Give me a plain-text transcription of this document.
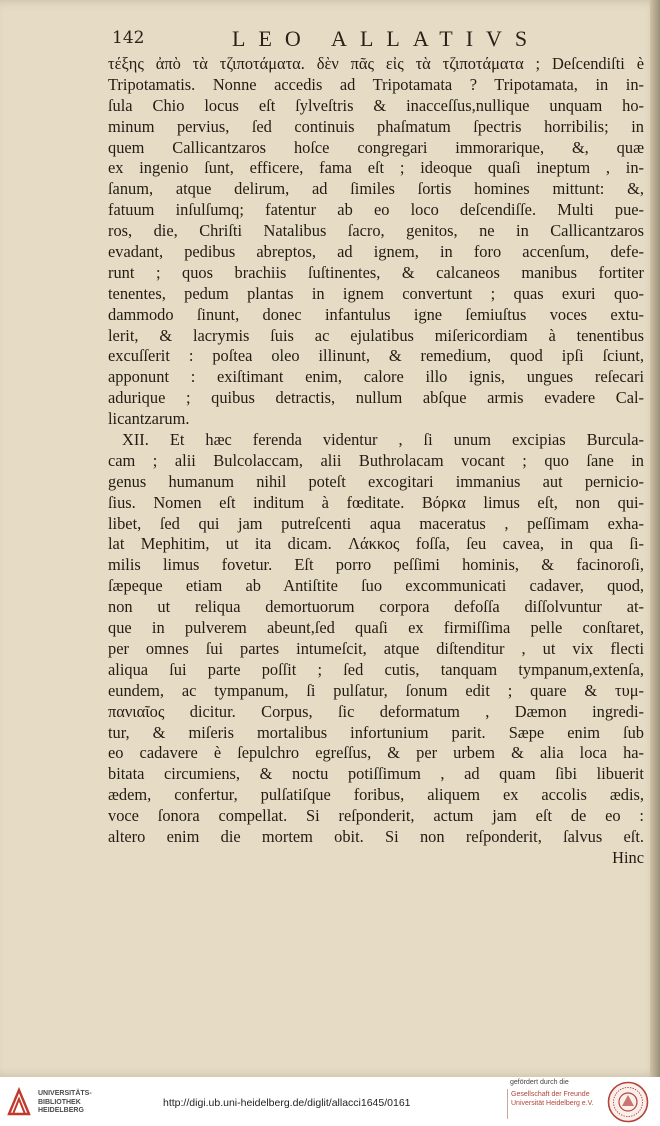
142	LEO ALLATIVS
τέξης ἀπὸ τὰ τζιποτάματα. δὲν πᾶς εἰς τὰ τζιποτάματα ; Deſcendiſti è
Tripotamatis. Nonne accedis ad Tripotamata ? Tripotamata, in in-
ſula Chio locus eſt ſylveſtris & inacceſſus,nullique unquam ho-
minum pervius, ſed continuis phaſmatum ſpectris horribilis; in
quem Callicantzaros hoſce congregari immorarique, &, quæ
ex ingenio ſunt, efficere, fama eſt ; ideoque quaſi ineptum , in-
ſanum, atque delirum, ad ſimiles ſortis homines mittunt: &,
fatuum inſulſumq; fatentur ab eo loco deſcendiſſe. Multi pue-
ros, die, Chriſti Natalibus ſacro, genitos, ne in Callicantzaros
evadant, pedibus abreptos, ad ignem, in foro accenſum, defe-
runt ; quos brachiis ſuſtinentes, & calcaneos manibus fortiter
tenentes, pedum plantas in ignem convertunt ; quas exuri quo-
dammodo ſinunt, donec infantulus igne ſemiuſtus voces extu-
lerit, & lacrymis ſuis ac ejulatibus miſericordiam à tenentibus
excuſſerit : poſtea oleo illinunt, & remedium, quod ipſi ſciunt,
apponunt : exiſtimant enim, calore illo ignis, ungues reſecari
adurique ; quibus detractis, nullum abſque armis evadere Cal-
licantzarum.
XII. Et hæc ferenda videntur , ſi unum excipias Burcula-
cam ; alii Bulcolaccam, alii Buthrolacam vocant ; quo ſane in
genus humanum nihil poteſt excogitari immanius aut pernicio-
ſius. Nomen eſt inditum à fœditate. Βόρκα limus eſt, non qui-
libet, ſed qui jam putreſcenti aqua maceratus , peſſimam exha-
lat Mephitim, ut ita dicam. Λάκκος foſſa, ſeu cavea, in qua ſi-
milis limus fovetur. Eſt porro peſſimi hominis, & facinoroſi,
ſæpeque etiam ab Antiſtite ſuo excommunicati cadaver, quod,
non ut reliqua demortuorum corpora defoſſa diſſolvuntur at-
que in pulverem abeunt,ſed quaſi ex firmiſſima pelle conſtaret,
per omnes ſui partes intumeſcit, atque diſtenditur , ut vix flecti
aliqua ſui parte poſſit ; ſed cutis, tanquam tympanum,extenſa,
eundem, ac tympanum, ſi pulſatur, ſonum edit ; quare & τυμ-
πανιαῖος dicitur. Corpus, ſic deformatum , Dæmon ingredi-
tur, & miſeris mortalibus infortunium parit. Sæpe enim ſub
eo cadavere è ſepulchro egreſſus, & per urbem & alia loca ha-
bitata circumiens, & noctu potiſſimum , ad quam ſibi libuerit
ædem, confertur, pulſatiſque foribus, aliquem ex accolis ædis,
voce ſonora compellat. Si reſponderit, actum jam eſt de eo :
altero enim die mortem obit. Si non reſponderit, ſalvus eſt.
Hinc
UNIVERSITÄTS-
BIBLIOTHEK
HEIDELBERG
http://digi.ub.uni-heidelberg.de/diglit/allacci1645/0161
gefördert durch die
Gesellschaft der Freunde
Universität Heidelberg e.V.
